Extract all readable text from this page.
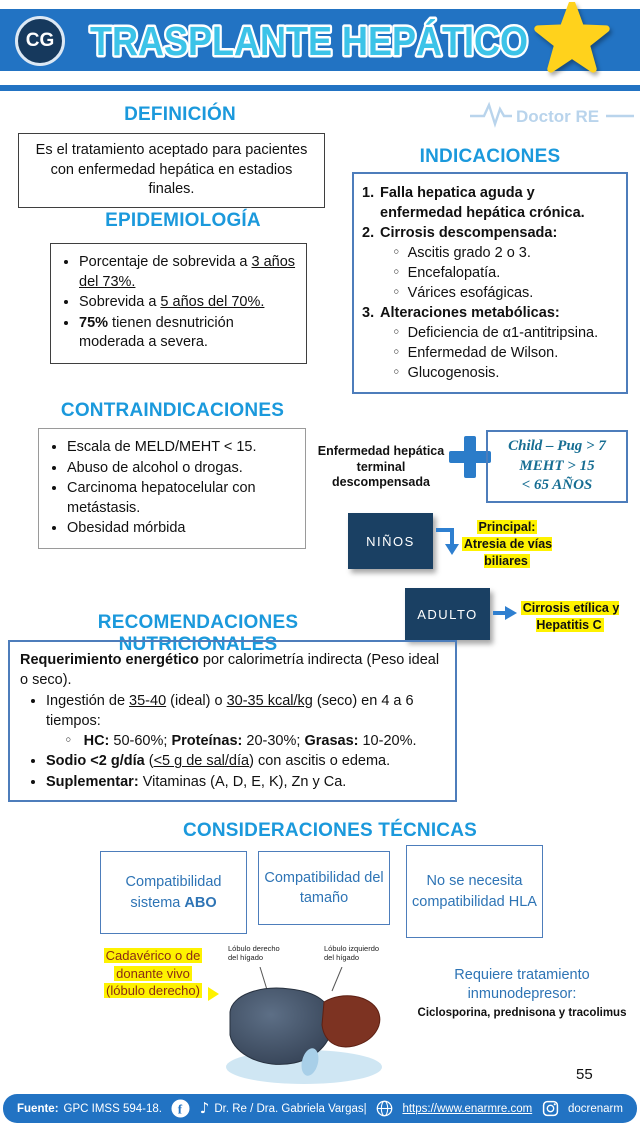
CG TRASPLANTE HEPÁTICO
Doctor RE
DEFINICIÓN
INDICACIONES
EPIDEMIOLOGÍA
CONTRAINDICACIONES
RECOMENDACIONES NUTRICIONALES
CONSIDERACIONES TÉCNICAS
Es el tratamiento aceptado para pacientes con enfermedad hepática en estadios finales.
• Porcentaje de sobrevida a 3 años del 73%.
• Sobrevida a 5 años del 70%.
• 75% tienen desnutrición moderada a severa.
1. Falla hepatica aguda y enfermedad hepática crónica.
2. Cirrosis descompensada:
◦ Ascitis grado 2 o 3.
◦ Encefalopatía.
◦ Várices esofágicas.
3. Alteraciones metabólicas:
◦ Deficiencia de α1-antitripsina.
◦ Enfermedad de Wilson.
◦ Glucogenosis.
• Escala de MELD/MEHT < 15.
• Abuso de alcohol o drogas.
• Carcinoma hepatocelular con metástasis.
• Obesidad mórbida
Enfermedad hepática terminal descompensada
Child – Pug > 7
MEHT > 15
< 65 AÑOS
NIÑOS
Principal:
Atresia de vías biliares
ADULTO	Cirrosis etílica y Hepatitis C
Requerimiento energético por calorimetría indirecta (Peso ideal o seco).
• Ingestión de 35-40 (ideal) o 30-35 kcal/kg (seco) en 4 a 6 tiempos:
◦ HC: 50-60%; Proteínas: 20-30%; Grasas: 10-20%.
• Sodio <2 g/día (<5 g de sal/día) con ascitis o edema.
• Suplementar: Vitaminas (A, D, E, K), Zn y Ca.
Compatibilidad
sistema ABO
Compatibilidad del tamaño
No se necesita compatibilidad HLA
Cadavérico o de
donante vivo
(lóbulo derecho)
Lóbulo derecho del hígado
Lóbulo izquierdo del hígado
Requiere tratamiento inmunodepresor:
Ciclosporina, prednisona y tracolimus
55
Fuente: GPC IMSS 594-18. f ♪ Dr. Re / Dra. Gabriela Vargas|	https://www.enarmre.com	docrenarm
